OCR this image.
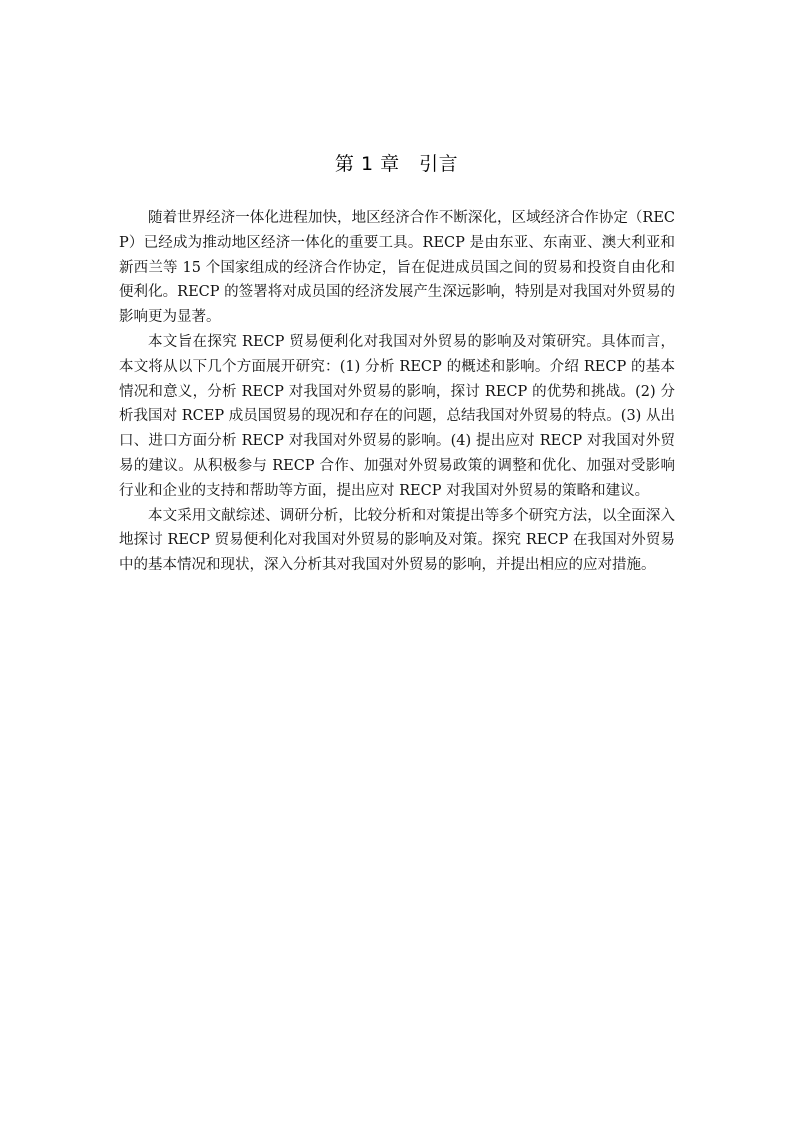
第 1 章　引言

随着世界经济一体化进程加快，地区经济合作不断深化，区域经济合作协定（RECP）已经成为推动地区经济一体化的重要工具。RECP 是由东亚、东南亚、澳大利亚和新西兰等 15 个国家组成的经济合作协定，旨在促进成员国之间的贸易和投资自由化和便利化。RECP 的签署将对成员国的经济发展产生深远影响，特别是对我国对外贸易的影响更为显著。

本文旨在探究 RECP 贸易便利化对我国对外贸易的影响及对策研究。具体而言，本文将从以下几个方面展开研究：(1) 分析 RECP 的概述和影响。介绍 RECP 的基本情况和意义，分析 RECP 对我国对外贸易的影响，探讨 RECP 的优势和挑战。(2) 分析我国对 RCEP 成员国贸易的现况和存在的问题，总结我国对外贸易的特点。(3) 从出口、进口方面分析 RECP 对我国对外贸易的影响。(4) 提出应对 RECP 对我国对外贸易的建议。从积极参与 RECP 合作、加强对外贸易政策的调整和优化、加强对受影响行业和企业的支持和帮助等方面，提出应对 RECP 对我国对外贸易的策略和建议。

本文采用文献综述、调研分析，比较分析和对策提出等多个研究方法，以全面深入地探讨 RECP 贸易便利化对我国对外贸易的影响及对策。探究 RECP 在我国对外贸易中的基本情况和现状，深入分析其对我国对外贸易的影响，并提出相应的应对措施。
